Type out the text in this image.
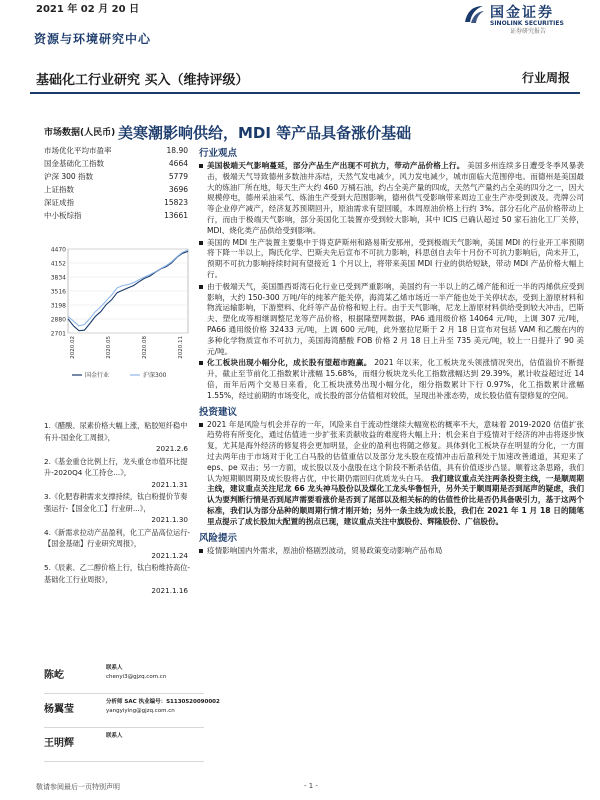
2021 年 02 月 20 日
资源与环境研究中心
国金证券
SINOLINK SECURITIES
证券研究报告
基础化工行业研究 买入（维持评级）	行业周报
美寒潮影响供给，MDI 等产品具备涨价基础
市场数据(人民币)
市场优化平均市盈率	18.90
国金基础化工指数	4664
沪深 300 指数	5779
上证指数	3696
深证成指	15823
中小板综指	13661
4470
4152
3834
3516
3198
2880
2701
2020.02	2020.05	2020.08	2020.11
国金行业	沪深300
1.《醋酸、尿素价格大幅上涨，粘胶短纤稳中有升-国金化工周报》，
2021.2.6
2.《基金重仓比例上行，龙头重仓市值环比提升-2020Q4 化工持仓...》，
2021.1.31
3.《化肥春耕需求支撑持续，钛白粉提价节奏强运行-【国金化工】行业研...》，
2021.1.30
4.《新需求拉动产品盈利，化工产品高位运行-【国金基础】行业研究周报》，
2021.1.24
5.《辰素、乙二醇价格上行，钛白粉维持高位-基础化工行业周报》，
2021.1.16
陈屹
联系人
chenyi3@gjzq.com.cn
杨翼莹
分析师 SAC 执业编号：S1130520090002
yangyiying@gjzq.com.cn
王明辉
联系人
行业观点
美国极端天气影响蔓延，部分产品生产出现不可抗力，带动产品价格上行。 美国多州连续多日遭受冬季风暴袭击，极端天气导致德州多数油井冻结，天然气发电减少，风力发电减少，城市面临大范围停电。而德州是美国最大的炼油厂所在地，每天生产大约 460 万桶石油，约占全美产量的四成，天然气产量约占全美的四分之一，因大规模停电，德州采油采气、炼油生产受到大范围影响，德州供气受影响带来周边工业生产亦受到波及。壳牌公司等企业停产减产，经济复苏预期回升，原油需求有望回暖，本周原油价格上行约 3%。部分石化产品价格带动上行，而由于极端天气影响，部分美国化工装置亦受到较大影响，其中 ICIS 已确认超过 50 家石油化工厂关停，MDI、烧化类产品供给受到影响。
美国的 MDI 生产装置主要集中于得克萨斯州和路易斯安那州，受到极端天气影响，美国 MDI 的行业开工率预期将下降一半以上，陶氏化学、巴斯夫先后宣布不可抗力影响，科思创自去年十月份不可抗力影响后，尚未开工，预期不可抗力影响持续时间有望接近 1 个月以上，将带来美国 MDI 行业的供给短缺，带动 MDI 产品价格大幅上行。
由于极端天气，美国墨西哥湾石化行业已受到严重影响，美国约有一半以上的乙烯产能和近一半的丙烯供应受到影响，大约 150-300 万吨/年的纯苯产能关停，海湾某乙烯市场近一半产能也处于关停状态，受到上游原材料和物流运输影响，下游塑料、化纤等产品价格和短上行。由于天气影响，尼龙上游原材料供给受到较大冲击，巴斯夫、塑化成等相继调整尼龙等产品价格，根据隆塑网数据，PA6 通用级价格 14064 元/吨，上调 307 元/吨，PA66 通用级价格 32433 元/吨，上调 600 元/吨，此外塞拉尼斯于 2 月 18 日宣布对包括 VAM 和乙酸在内的多种化学物质宣布不可抗力，美国海湾醋酸 FOB 价格 2 月 18 日上升至 735 美元/吨，较上一日提升了 90 美元/吨。
化工板块出现小幅分化，成长股有望超市跑赢。 2021 年以来，化工板块龙头领涨情况突出，估值溢价不断提升，截止至节前化工指数累计涨幅 15.68%，而细分板块龙头化工指数涨幅达到 29.39%，累计收益超过近 14 倍，而年后两个交易日来看，化工板块涨势出现小幅分化，细分指数累计下行 0.97%，化工指数累计涨幅 1.55%，经过前期的市场变化，成长股的部分估值相对较低，呈现出补涨态势，成长股估值有望修复的空间。
投资建议
2021 年是风险与机会并存的一年，风险来自于流动性继续大幅宽松的概率不大，意味着 2019-2020 估值扩张趋势将有所变化，通过估值进一步扩张来贡献收益的难度将大幅上升；机会来自于疫情对于经济的冲击将逐步恢复，尤其是海外经济的修复将会更加明显，企业的盈利也将随之修复。具体到化工板块存在明显的分化，一方面过去两年由于市场对于化工白马股的估值重估以及部分龙头股在疫情冲击后盈利处于加速改善通道，其迎来了 eps、pe 双击；另一方面，成长股以及小盘股在这个阶段不断杀估值，具有价值逐步凸显。顺着这条思路，我们认为短期顺周期及成长股将占优，中长期仍需回归优质龙头白马。 我们建议重点关注两条投资主线，一是顺周期主线，建议重点关注尼龙 66 龙头神马股份以及煤化工龙头华鲁恒升，另外关于顺周期是否到尾声的疑虑，我们认为要判断行情是否到尾声需要看涨价是否到了尾部以及相关标的的估值性价比是否仍具备吸引力，基于这两个标准，我们认为部分品种的顺周期行情才刚开始；另外一条主线为成长股，我们在 2021 年 1 月 18 日的随笔里点提示了成长股加大配置的拐点已现，建议重点关注中旗股份、辉隆股份、广信股份。
风险提示
疫情影响国内外需求，原油价格剧烈波动，贸易政策变动影响产品布局
敬请参阅最后一页特别声明	- 1 -
